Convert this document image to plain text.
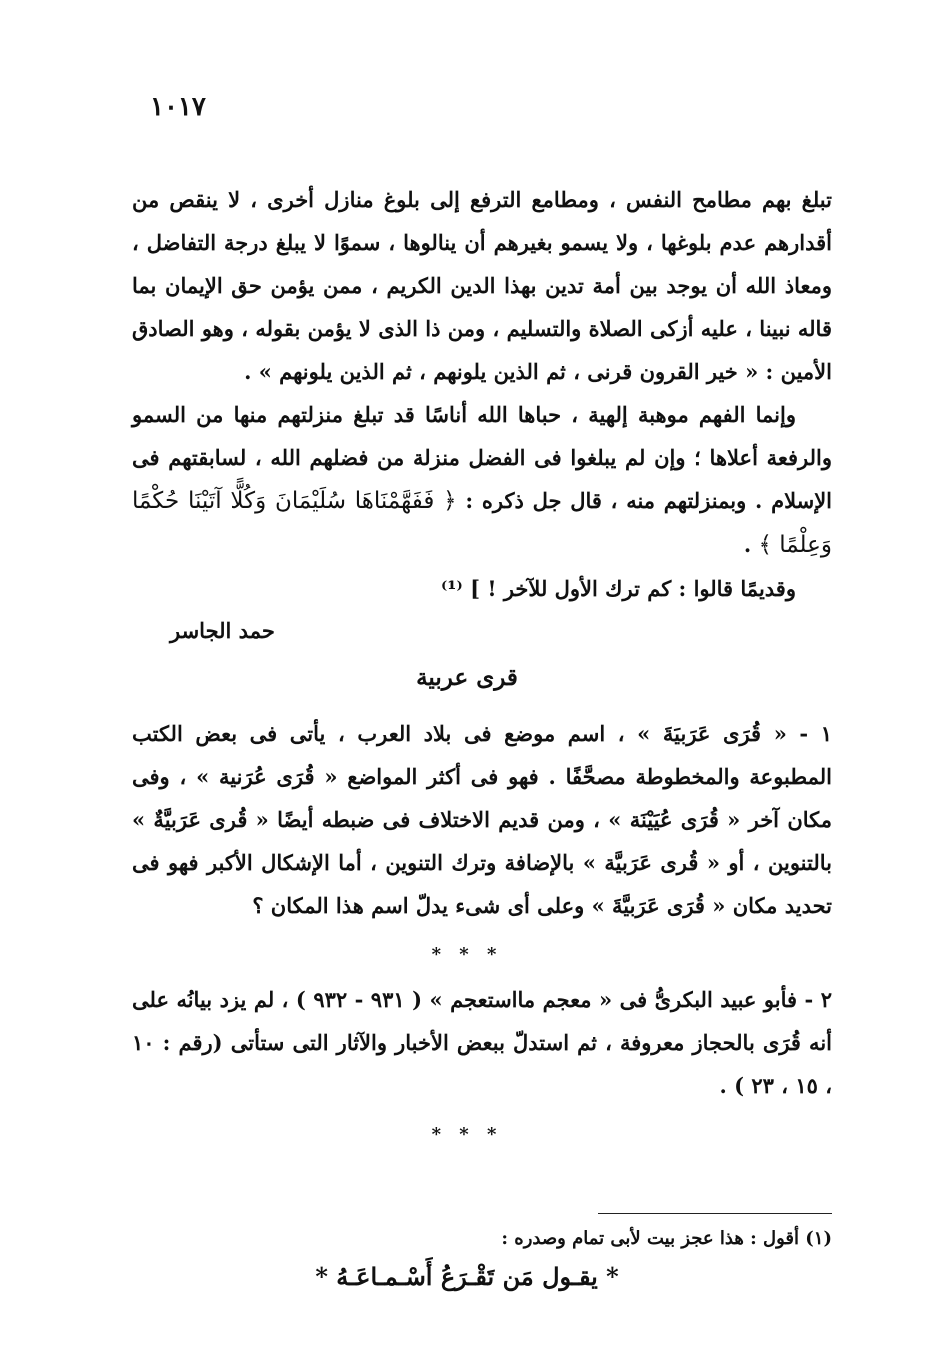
١٠١٧

تبلغ بهم مطامح النفس ، ومطامع الترفع إلى بلوغ منازل أخرى ، لا ينقص من أقدارهم عدم بلوغها ، ولا يسمو بغيرهم أن ينالوها ، سموًا لا يبلغ درجة التفاضل ، ومعاذ الله أن يوجد بين أمة تدين بهذا الدين الكريم ، ممن يؤمن حق الإيمان بما قاله نبينا ، عليه أزكى الصلاة والتسليم ، ومن ذا الذى لا يؤمن بقوله ، وهو الصادق الأمين : « خير القرون قرنى ، ثم الذين يلونهم ، ثم الذين يلونهم » .

وإنما الفهم موهبة إلهية ، حباها الله أناسًا قد تبلغ منزلتهم منها من السمو والرفعة أعلاها ؛ وإن لم يبلغوا فى الفضل منزلة من فضلهم الله ، لسابقتهم فى الإسلام . وبمنزلتهم منه ، قال جل ذكره : ﴿ فَفَهَّمْنَاهَا سُلَيْمَانَ وَكُلًّا آتَيْنَا حُكْمًا وَعِلْمًا ﴾ .

وقديمًا قالوا : كم ترك الأول للآخر ! ] ⁽¹⁾

حمد الجاسر
قرى عربية
١ - « قُرَى عَرَبيَةَ » ، اسم موضع فى بلاد العرب ، يأتى فى بعض الكتب المطبوعة والمخطوطة مصحَّفًا . فهو فى أكثر المواضع « قُرَى عُرَنية » ، وفى مكان آخر « قُرَى عُيَيْنَة » ، ومن قديم الاختلاف فى ضبطه أيضًا « قُرى عَرَبيَّةٌ » بالتنوين ، أو « قُرى عَرَبيَّة » بالإضافة وترك التنوين ، أما الإشكال الأكبر فهو فى تحديد مكان « قُرَى عَرَبيَّةَ » وعلى أى شىء يدلّ اسم هذا المكان ؟
* * *
٢ - فأبو عبيد البكرىُّ فى « معجم مااستعجم » ( ٩٣١ - ٩٣٢ ) ، لم يزد بيانُه على أنه قُرَى بالحجاز معروفة ، ثم استدلّ ببعض الأخبار والآثار التى ستأتى (رقم : ١٠ ، ١٥ ، ٢٣ ) .
* * *
(١) أقول : هذا عجز بيت لأبى تمام وصدره :
* يقـول مَن تَقْـرَعُ أَسْـمـاعَـهُ *
